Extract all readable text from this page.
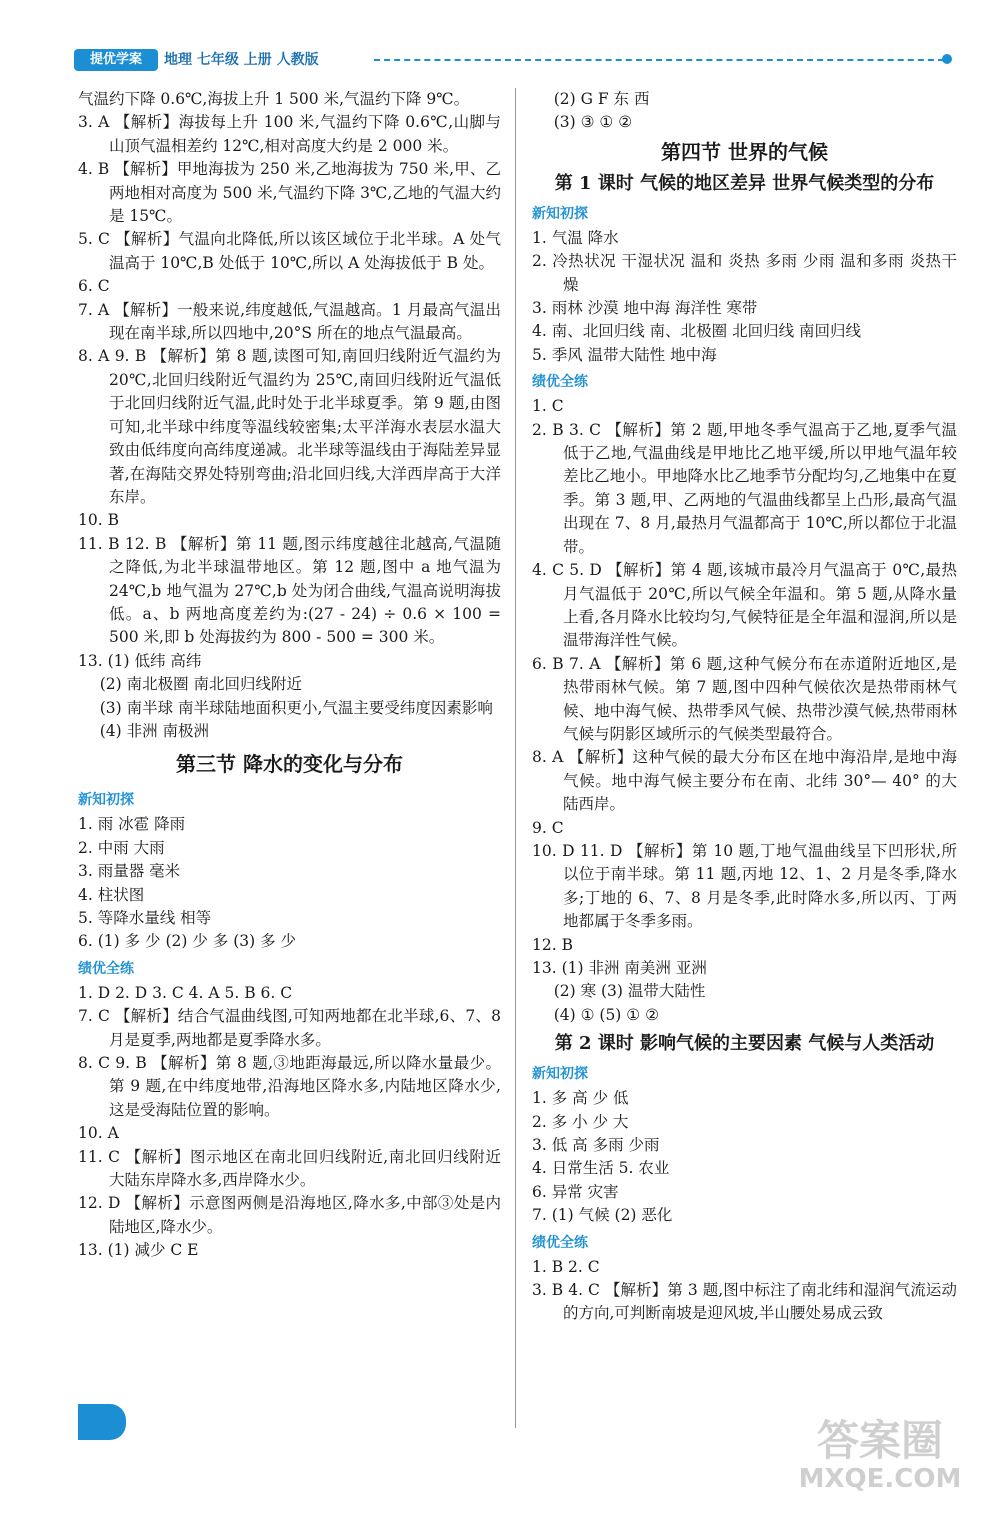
提优学案	地理 七年级 上册 人教版

气温约下降 0.6℃,海拔上升 1 500 米,气温约下降 9℃。

3. A 【解析】海拔每上升 100 米,气温约下降 0.6℃,山脚与山顶气温相差约 12℃,相对高度大约是 2 000 米。

4. B 【解析】甲地海拔为 250 米,乙地海拔为 750 米,甲、乙两地相对高度为 500 米,气温约下降 3℃,乙地的气温大约是 15℃。

5. C 【解析】气温向北降低,所以该区域位于北半球。A 处气温高于 10℃,B 处低于 10℃,所以 A 处海拔低于 B 处。

6. C

7. A 【解析】一般来说,纬度越低,气温越高。1 月最高气温出现在南半球,所以四地中,20°S 所在的地点气温最高。

8. A 9. B 【解析】第 8 题,读图可知,南回归线附近气温约为 20℃,北回归线附近气温约为 25℃,南回归线附近气温低于北回归线附近气温,此时处于北半球夏季。第 9 题,由图可知,北半球中纬度等温线较密集;太平洋海水表层水温大致由低纬度向高纬度递减。北半球等温线由于海陆差异显著,在海陆交界处特别弯曲;沿北回归线,大洋西岸高于大洋东岸。

10. B

11. B 12. B 【解析】第 11 题,图示纬度越往北越高,气温随之降低,为北半球温带地区。第 12 题,图中 a 地气温为 24℃,b 地气温为 27℃,b 处为闭合曲线,气温高说明海拔低。a、b 两地高度差约为:(27 - 24) ÷ 0.6 × 100 = 500 米,即 b 处海拔约为 800 - 500 = 300 米。

13. (1) 低纬 高纬

(2) 南北极圈 南北回归线附近

(3) 南半球 南半球陆地面积更小,气温主要受纬度因素影响

(4) 非洲 南极洲

第三节 降水的变化与分布
新知初探

1. 雨 冰雹 降雨

2. 中雨 大雨

3. 雨量器 毫米

4. 柱状图

5. 等降水量线 相等

6. (1) 多 少 (2) 少 多 (3) 多 少

绩优全练

1. D 2. D 3. C 4. A 5. B 6. C

7. C 【解析】结合气温曲线图,可知两地都在北半球,6、7、8 月是夏季,两地都是夏季降水多。

8. C 9. B 【解析】第 8 题,③地距海最远,所以降水量最少。第 9 题,在中纬度地带,沿海地区降水多,内陆地区降水少,这是受海陆位置的影响。

10. A

11. C 【解析】图示地区在南北回归线附近,南北回归线附近大陆东岸降水多,西岸降水少。

12. D 【解析】示意图两侧是沿海地区,降水多,中部③处是内陆地区,降水少。

13. (1) 减少 C E

(2) G F 东 西

(3) ③ ① ②

第四节 世界的气候
第 1 课时 气候的地区差异 世界气候类型的分布
新知初探

1. 气温 降水

2. 冷热状况 干湿状况 温和 炎热 多雨 少雨 温和多雨 炎热干燥

3. 雨林 沙漠 地中海 海洋性 寒带

4. 南、北回归线 南、北极圈 北回归线 南回归线

5. 季风 温带大陆性 地中海

绩优全练

1. C

2. B 3. C 【解析】第 2 题,甲地冬季气温高于乙地,夏季气温低于乙地,气温曲线是甲地比乙地平缓,所以甲地气温年较差比乙地小。甲地降水比乙地季节分配均匀,乙地集中在夏季。第 3 题,甲、乙两地的气温曲线都呈上凸形,最高气温出现在 7、8 月,最热月气温都高于 10℃,所以都位于北温带。

4. C 5. D 【解析】第 4 题,该城市最冷月气温高于 0℃,最热月气温低于 20℃,所以气候全年温和。第 5 题,从降水量上看,各月降水比较均匀,气候特征是全年温和湿润,所以是温带海洋性气候。

6. B 7. A 【解析】第 6 题,这种气候分布在赤道附近地区,是热带雨林气候。第 7 题,图中四种气候依次是热带雨林气候、地中海气候、热带季风气候、热带沙漠气候,热带雨林气候与阴影区域所示的气候类型最符合。

8. A 【解析】这种气候的最大分布区在地中海沿岸,是地中海气候。地中海气候主要分布在南、北纬 30°— 40° 的大陆西岸。

9. C

10. D 11. D 【解析】第 10 题,丁地气温曲线呈下凹形状,所以位于南半球。第 11 题,丙地 12、1、2 月是冬季,降水多;丁地的 6、7、8 月是冬季,此时降水多,所以丙、丁两地都属于冬季多雨。

12. B

13. (1) 非洲 南美洲 亚洲

(2) 寒 (3) 温带大陆性

(4) ① (5) ① ②

第 2 课时 影响气候的主要因素 气候与人类活动
新知初探

1. 多 高 少 低

2. 多 小 少 大

3. 低 高 多雨 少雨

4. 日常生活 5. 农业

6. 异常 灾害

7. (1) 气候 (2) 恶化

绩优全练

1. B 2. C

3. B 4. C 【解析】第 3 题,图中标注了南北纬和湿润气流运动的方向,可判断南坡是迎风坡,半山腰处易成云致

答案圈
MXQE.COM
